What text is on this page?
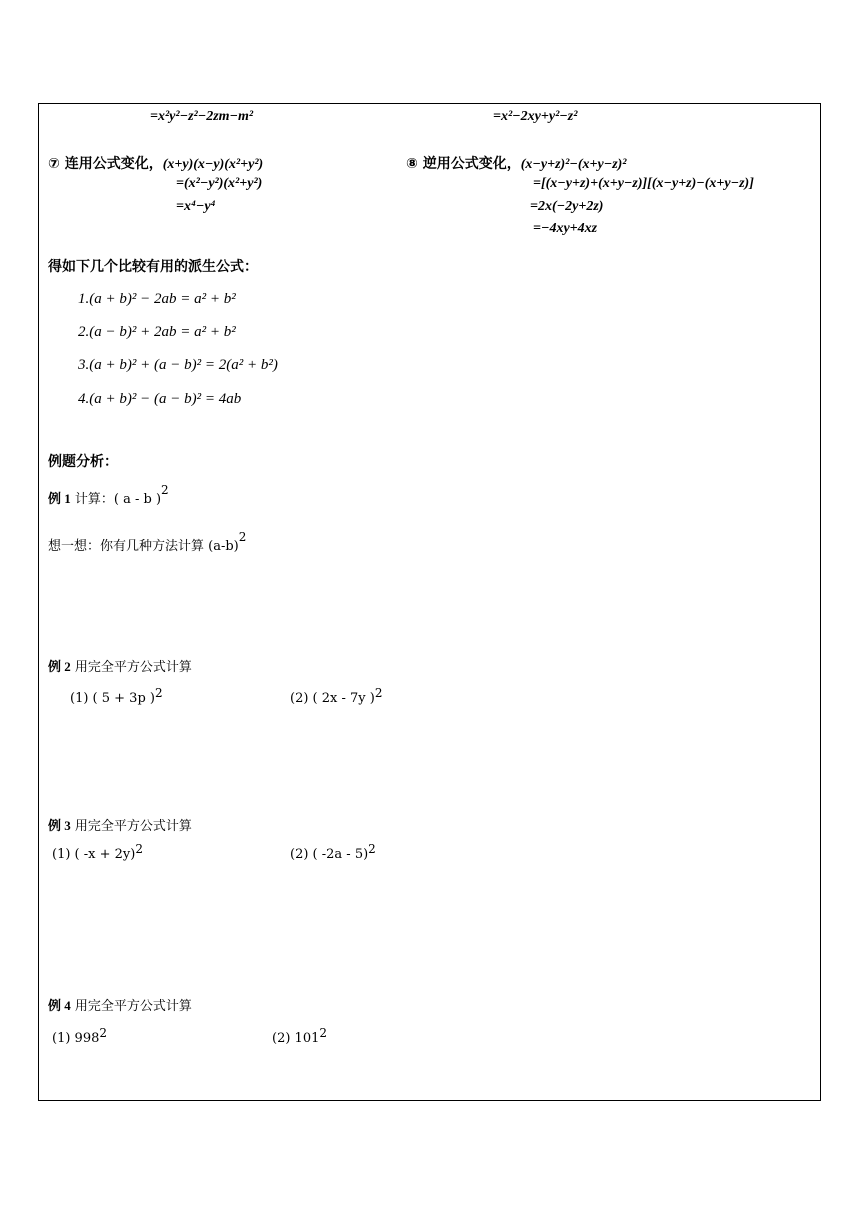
=x²y²−z²−2zm−m²	=x²−2xy+y²−z²
⑦ 连用公式变化，(x+y)(x−y)(x²+y²)
=(x²−y²)(x²+y²)
=x⁴−y⁴
⑧ 逆用公式变化，(x−y+z)²−(x+y−z)²
=[(x−y+z)+(x+y−z)][(x−y+z)−(x+y−z)]
=2x(−2y+2z)
=−4xy+4xz
得如下几个比较有用的派生公式：
1.(a + b)² − 2ab = a² + b²
2.(a − b)² + 2ab = a² + b²
3.(a + b)² + (a − b)² = 2(a² + b²)
4.(a + b)² − (a − b)² = 4ab
例题分析：
例 1 计算：( a - b )$^2$
想一想：你有几种方法计算 $(a-b)^2$
例 2 用完全平方公式计算
(1) ( 5 + 3p )$^2$	(2) ( 2x - 7y )$^2$
例 3 用完全平方公式计算
(1) ( -x + 2y)$^2$	(2) ( -2a - 5)$^2$
例 4 用完全平方公式计算
(1) $998^2$	(2) $101^2$
